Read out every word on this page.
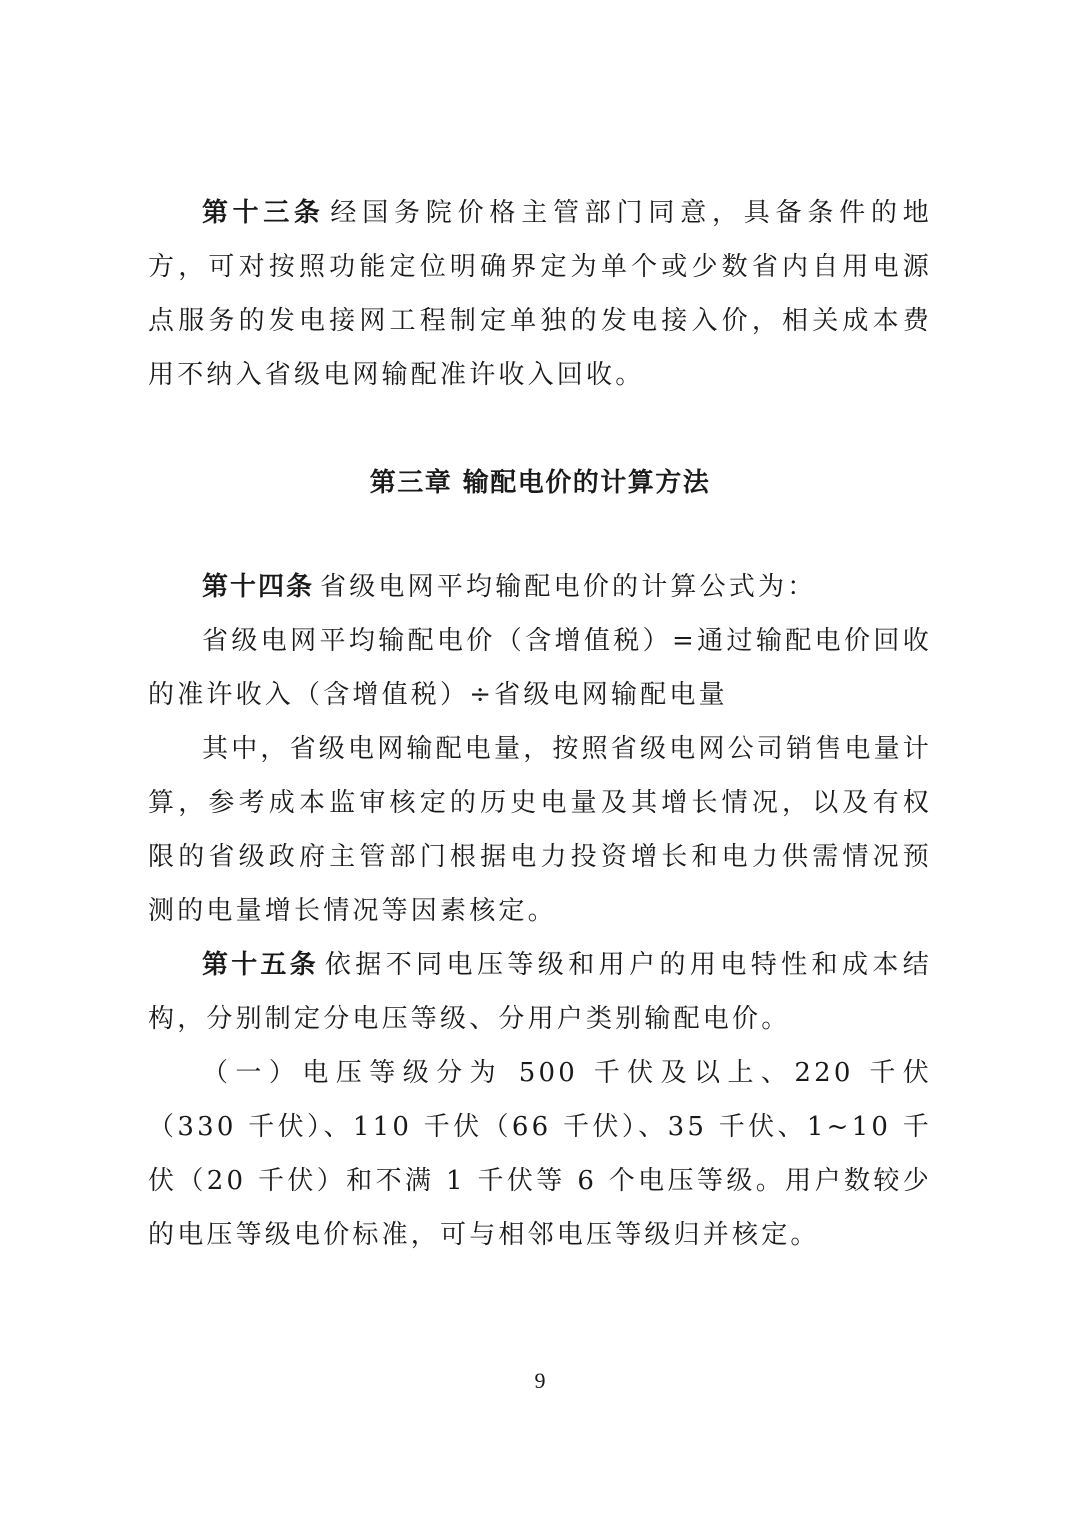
第十三条 经国务院价格主管部门同意，具备条件的地方，可对按照功能定位明确界定为单个或少数省内自用电源点服务的发电接网工程制定单独的发电接入价，相关成本费用不纳入省级电网输配准许收入回收。

第三章 输配电价的计算方法

第十四条 省级电网平均输配电价的计算公式为：

省级电网平均输配电价（含增值税）=通过输配电价回收的准许收入（含增值税）÷省级电网输配电量

其中，省级电网输配电量，按照省级电网公司销售电量计算，参考成本监审核定的历史电量及其增长情况，以及有权限的省级政府主管部门根据电力投资增长和电力供需情况预测的电量增长情况等因素核定。

第十五条 依据不同电压等级和用户的用电特性和成本结构，分别制定分电压等级、分用户类别输配电价。

（一）电压等级分为 500 千伏及以上、220 千伏（330 千伏）、110 千伏（66 千伏）、35 千伏、1~10 千伏（20 千伏）和不满 1 千伏等 6 个电压等级。用户数较少的电压等级电价标准，可与相邻电压等级归并核定。

9
